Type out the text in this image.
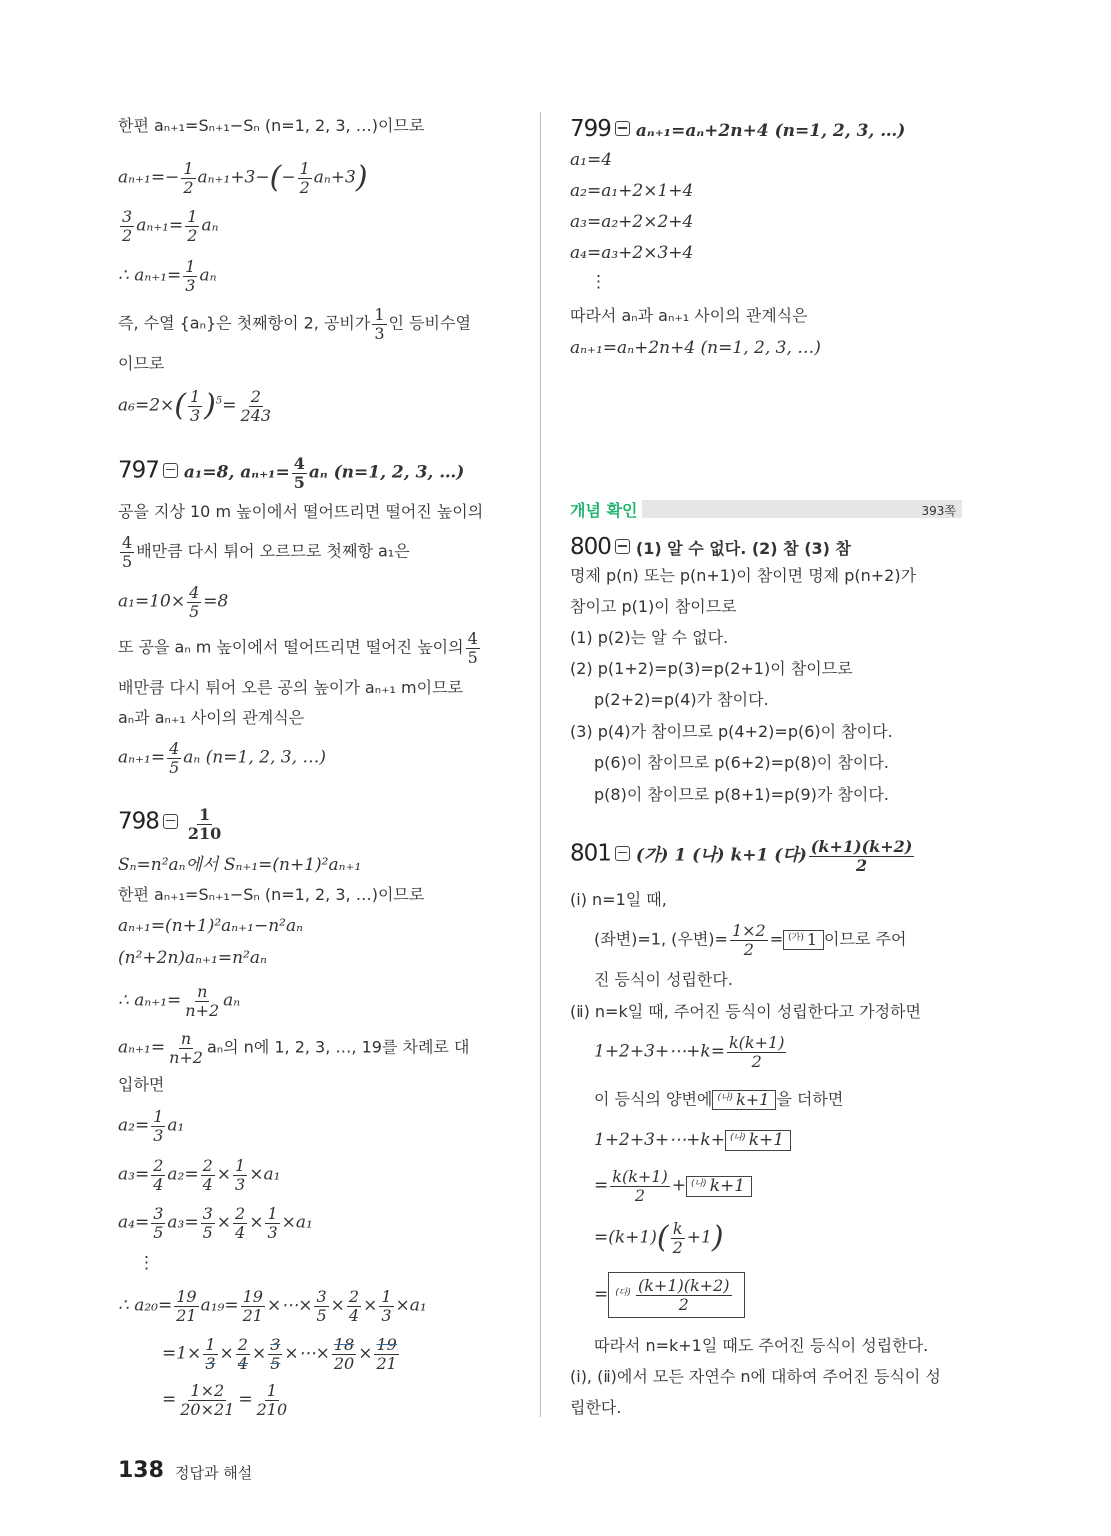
한편 aₙ₊₁=Sₙ₊₁−Sₙ (n=1, 2, 3, …)이므로
$a_{n+1}=- \frac{1}{2} a_{n+1}+3-(- \frac{1}{2} a_n+3)$
$\frac{3}{2} a_{n+1}= \frac{1}{2}$ aₙ
∴ $a_{n+1}= \frac{1}{3}$ aₙ
즉, 수열 {aₙ}은 첫째항이 2, 공비가 $\frac{1}{3}$ 인 등비수열
이므로
$a_6=2\times( \frac{1}{3} )^5= \frac{2}{243}$
797 a₁=8, $a_{n+1}= \frac{4}{5}$ aₙ (n=1, 2, 3, …)
공을 지상 10 m 높이에서 떨어뜨리면 떨어진 높이의
$\frac{4}{5}$ 배만큼 다시 튀어 오르므로 첫째항 a₁은
$a_1=10\times \frac{4}{5} =8$
또 공을 aₙ m 높이에서 떨어뜨리면 떨어진 높이의 $\frac{4}{5}$
배만큼 다시 튀어 오른 공의 높이가 aₙ₊₁ m이므로
aₙ과 aₙ₊₁ 사이의 관계식은
$a_{n+1}= \frac{4}{5}$ aₙ (n=1, 2, 3, …)
$798 \frac{1}{210}$
Sₙ=n²aₙ에서 Sₙ₊₁=(n+1)²aₙ₊₁
한편 aₙ₊₁=Sₙ₊₁−Sₙ (n=1, 2, 3, …)이므로
aₙ₊₁=(n+1)²aₙ₊₁−n²aₙ
(n²+2n)aₙ₊₁=n²aₙ
∴ $a_{n+1}= \frac{n}{n+2}$ aₙ
$a_{n+1}= \frac{n}{n+2}$ aₙ의 n에 1, 2, 3, …, 19를 차례로 대
입하면
$a_2= \frac{1}{3} a_1$
$a_3= \frac{2}{4} a_2= \frac{2}{4} \times \frac{1}{3} \times a_1$
$a_4= \frac{3}{5} a_3= \frac{3}{5} \times \frac{2}{4} \times \frac{1}{3} \times a_1$
⋮
∴ $a_{20}= \frac{19}{21} a_{19}= \frac{19}{21}$ ×⋯× $\frac{3}{5} \times \frac{2}{4} \times \frac{1}{3} \times a_1$
$=1\times \frac{1}{3} \times \frac{2}{4} \times \frac{3}{5}$ ×⋯× $\frac{18}{20} \times \frac{19}{21}$
= $\frac{1\times 2}{20\times 21} = \frac{1}{210}$
799 aₙ₊₁=aₙ+2n+4 (n=1, 2, 3, …)
a₁=4
a₂=a₁+2×1+4
a₃=a₂+2×2+4
a₄=a₃+2×3+4
⋮
따라서 aₙ과 aₙ₊₁ 사이의 관계식은
aₙ₊₁=aₙ+2n+4 (n=1, 2, 3, …)
개념 확인	393쪽
800 (1) 알 수 없다. (2) 참 (3) 참
명제 p(n) 또는 p(n+1)이 참이면 명제 p(n+2)가
참이고 p(1)이 참이므로
(1) p(2)는 알 수 없다.
(2) p(1+2)=p(3)=p(2+1)이 참이므로
p(2+2)=p(4)가 참이다.
(3) p(4)가 참이므로 p(4+2)=p(6)이 참이다.
p(6)이 참이므로 p(6+2)=p(8)이 참이다.
p(8)이 참이므로 p(8+1)=p(9)가 참이다.
801 (가) 1 (나) k+1 (다) $\frac{(k+1)(k+2)}{2}$
(ⅰ) n=1일 때,
(좌변)=1, (우변)= $\frac{1\times 2}{2} = ^{(가)}$ 1 이므로 주어
진 등식이 성립한다.
(ⅱ) n=k일 때, 주어진 등식이 성립한다고 가정하면
1+2+3+⋯+k= $\frac{k(k+1)}{2}$
이 등식의 양변에 $^{(나)}$ k+1 을 더하면
1+2+3+⋯+k+ $^{(나)}$ k+1
= $\frac{k(k+1)}{2} + ^{(나)}$ k+1
$=(k+1)( \frac{k}{2} +1)$
= $^{(다)} \frac{(k+1)(k+2)}{2}$
따라서 n=k+1일 때도 주어진 등식이 성립한다.
(ⅰ), (ⅱ)에서 모든 자연수 n에 대하여 주어진 등식이 성
립한다.
138 정답과 해설
